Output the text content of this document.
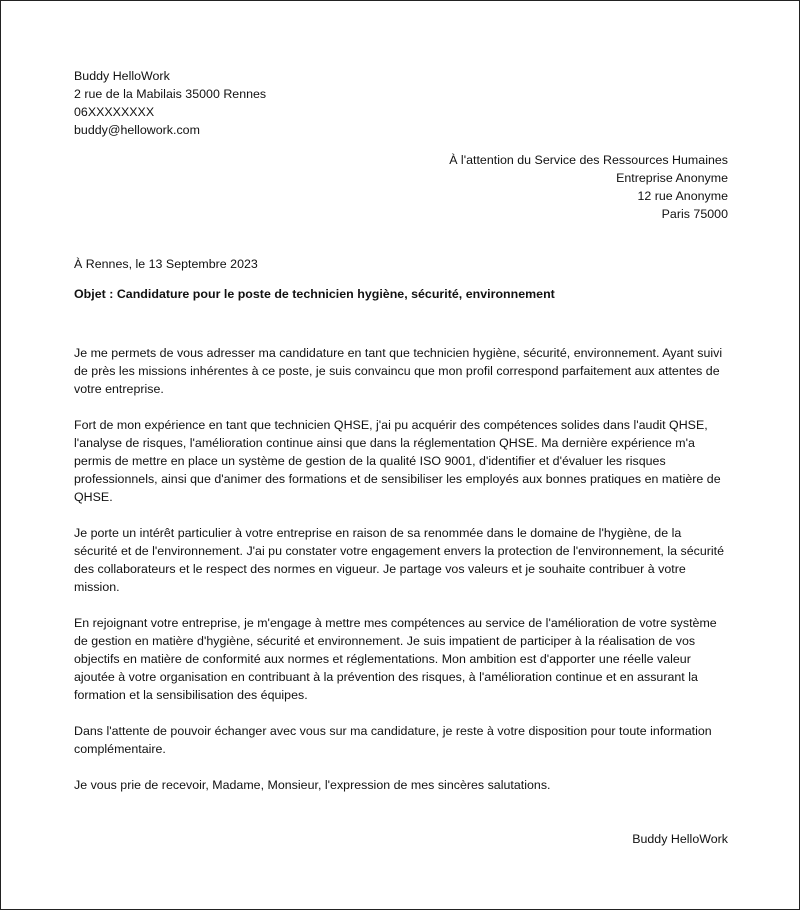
Buddy HelloWork
2 rue de la Mabilais 35000 Rennes
06XXXXXXXX
buddy@hellowork.com
À l'attention du Service des Ressources Humaines
Entreprise Anonyme
12 rue Anonyme
Paris 75000
À Rennes, le 13 Septembre 2023
Objet : Candidature pour le poste de technicien hygiène, sécurité, environnement

Je me permets de vous adresser ma candidature en tant que technicien hygiène, sécurité, environnement. Ayant suivi de près les missions inhérentes à ce poste, je suis convaincu que mon profil correspond parfaitement aux attentes de votre entreprise.

Fort de mon expérience en tant que technicien QHSE, j'ai pu acquérir des compétences solides dans l'audit QHSE, l'analyse de risques, l'amélioration continue ainsi que dans la réglementation QHSE. Ma dernière expérience m'a permis de mettre en place un système de gestion de la qualité ISO 9001, d'identifier et d'évaluer les risques professionnels, ainsi que d'animer des formations et de sensibiliser les employés aux bonnes pratiques en matière de QHSE.

Je porte un intérêt particulier à votre entreprise en raison de sa renommée dans le domaine de l'hygiène, de la sécurité et de l'environnement. J'ai pu constater votre engagement envers la protection de l'environnement, la sécurité des collaborateurs et le respect des normes en vigueur. Je partage vos valeurs et je souhaite contribuer à votre mission.

En rejoignant votre entreprise, je m'engage à mettre mes compétences au service de l'amélioration de votre système de gestion en matière d'hygiène, sécurité et environnement. Je suis impatient de participer à la réalisation de vos objectifs en matière de conformité aux normes et réglementations. Mon ambition est d'apporter une réelle valeur ajoutée à votre organisation en contribuant à la prévention des risques, à l'amélioration continue et en assurant la formation et la sensibilisation des équipes.

Dans l'attente de pouvoir échanger avec vous sur ma candidature, je reste à votre disposition pour toute information complémentaire.

Je vous prie de recevoir, Madame, Monsieur, l'expression de mes sincères salutations.

Buddy HelloWork
